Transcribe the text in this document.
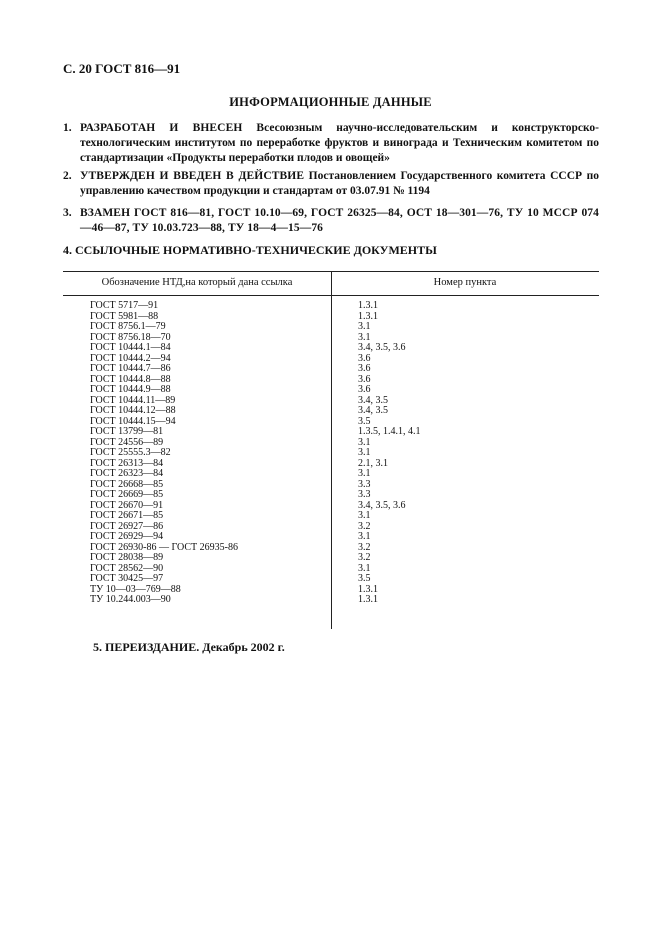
С. 20 ГОСТ 816—91
ИНФОРМАЦИОННЫЕ ДАННЫЕ
1. РАЗРАБОТАН И ВНЕСЕН Всесоюзным научно-исследовательским и конструкторско-технологическим институтом по переработке фруктов и винограда и Техническим комитетом по стандартизации «Продукты переработки плодов и овощей»
2. УТВЕРЖДЕН И ВВЕДЕН В ДЕЙСТВИЕ Постановлением Государственного комитета СССР по управлению качеством продукции и стандартам от 03.07.91 № 1194
3. ВЗАМЕН ГОСТ 816—81, ГОСТ 10.10—69, ГОСТ 26325—84, ОСТ 18—301—76, ТУ 10 МССР 074—46—87, ТУ 10.03.723—88, ТУ 18—4—15—76
4. ССЫЛОЧНЫЕ НОРМАТИВНО-ТЕХНИЧЕСКИЕ ДОКУМЕНТЫ
Обозначение НТД,на который дана ссылка	Номер пункта
ГОСТ 5717—91	1.3.1
ГОСТ 5981—88	1.3.1
ГОСТ 8756.1—79	3.1
ГОСТ 8756.18—70	3.1
ГОСТ 10444.1—84	3.4, 3.5, 3.6
ГОСТ 10444.2—94	3.6
ГОСТ 10444.7—86	3.6
ГОСТ 10444.8—88	3.6
ГОСТ 10444.9—88	3.6
ГОСТ 10444.11—89	3.4, 3.5
ГОСТ 10444.12—88	3.4, 3.5
ГОСТ 10444.15—94	3.5
ГОСТ 13799—81	1.3.5, 1.4.1, 4.1
ГОСТ 24556—89	3.1
ГОСТ 25555.3—82	3.1
ГОСТ 26313—84	2.1, 3.1
ГОСТ 26323—84	3.1
ГОСТ 26668—85	3.3
ГОСТ 26669—85	3.3
ГОСТ 26670—91	3.4, 3.5, 3.6
ГОСТ 26671—85	3.1
ГОСТ 26927—86	3.2
ГОСТ 26929—94	3.1
ГОСТ 26930-86 — ГОСТ 26935-86	3.2
ГОСТ 28038—89	3.2
ГОСТ 28562—90	3.1
ГОСТ 30425—97	3.5
ТУ 10—03—769—88	1.3.1
ТУ 10.244.003—90	1.3.1
5. ПЕРЕИЗДАНИЕ. Декабрь 2002 г.
